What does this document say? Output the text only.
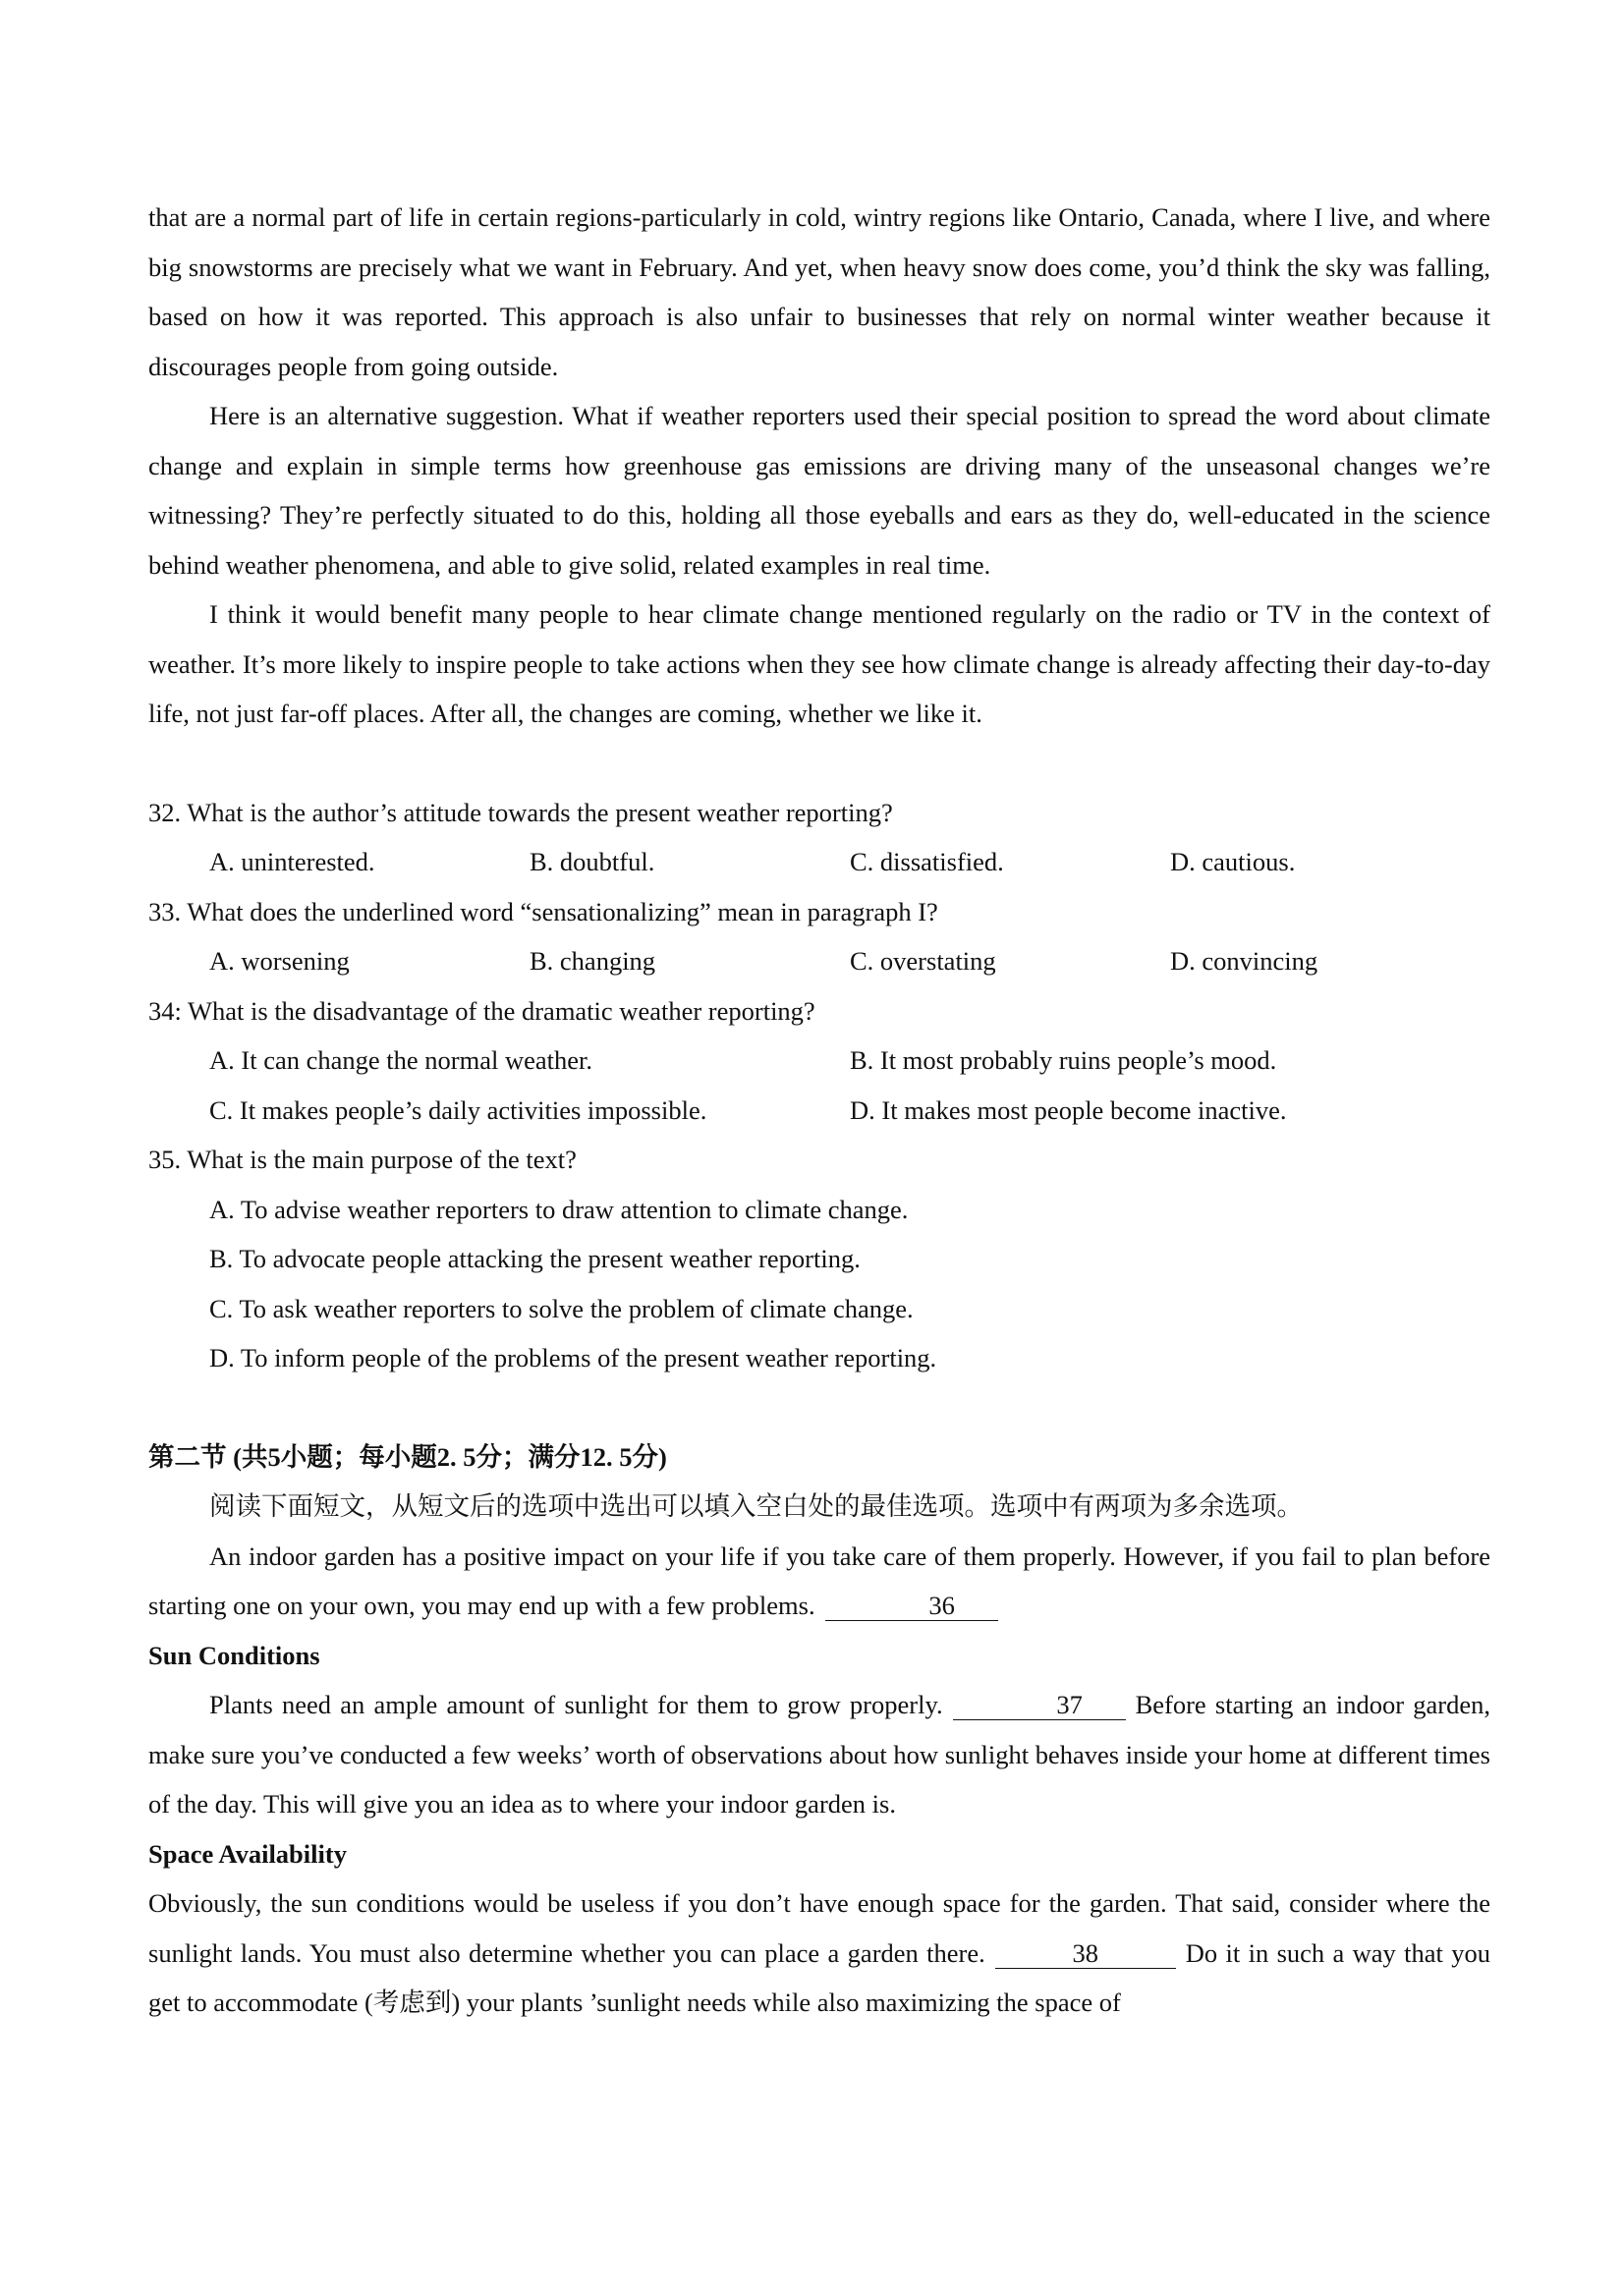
that are a normal part of life in certain regions-particularly in cold, wintry regions like Ontario, Canada, where I live, and where big snowstorms are precisely what we want in February. And yet, when heavy snow does come, you’d think the sky was falling, based on how it was reported. This approach is also unfair to businesses that rely on normal winter weather because it discourages people from going outside.

Here is an alternative suggestion. What if weather reporters used their special position to spread the word about climate change and explain in simple terms how greenhouse gas emissions are driving many of the unseasonal changes we’re witnessing? They’re perfectly situated to do this, holding all those eyeballs and ears as they do, well-educated in the science behind weather phenomena, and able to give solid, related examples in real time.

I think it would benefit many people to hear climate change mentioned regularly on the radio or TV in the context of weather. It’s more likely to inspire people to take actions when they see how climate change is already affecting their day-to-day life, not just far-off places. After all, the changes are coming, whether we like it.

32. What is the author’s attitude towards the present weather reporting?

A. uninterested.	B. doubtful.	C. dissatisfied.	D. cautious.

33. What does the underlined word “sensationalizing” mean in paragraph I?

A. worsening	B. changing	C. overstating	D. convincing

34: What is the disadvantage of the dramatic weather reporting?

A. It can change the normal weather.	B. It most probably ruins people’s mood.
C. It makes people’s daily activities impossible.	D. It makes most people become inactive.

35. What is the main purpose of the text?

A. To advise weather reporters to draw attention to climate change.
B. To advocate people attacking the present weather reporting.
C. To ask weather reporters to solve the problem of climate change.
D. To inform people of the problems of the present weather reporting.

第二节 (共5小题；每小题2. 5分；满分12. 5分)

阅读下面短文，从短文后的选项中选出可以填入空白处的最佳选项。选项中有两项为多余选项。

An indoor garden has a positive impact on your life if you take care of them properly. However, if you fail to plan before starting one on your own, you may end up with a few problems.	36

Sun Conditions

Plants need an ample amount of sunlight for them to grow properly.	37 Before starting an indoor garden, make sure you’ve conducted a few weeks’ worth of observations about how sunlight behaves inside your home at different times of the day. This will give you an idea as to where your indoor garden is.

Space Availability

Obviously, the sun conditions would be useless if you don’t have enough space for the garden. That said, consider where the sunlight lands. You must also determine whether you can place a garden there.	38	Do it in such a way that you get to accommodate (考虑到) your plants ’sunlight needs while also maximizing the space of
